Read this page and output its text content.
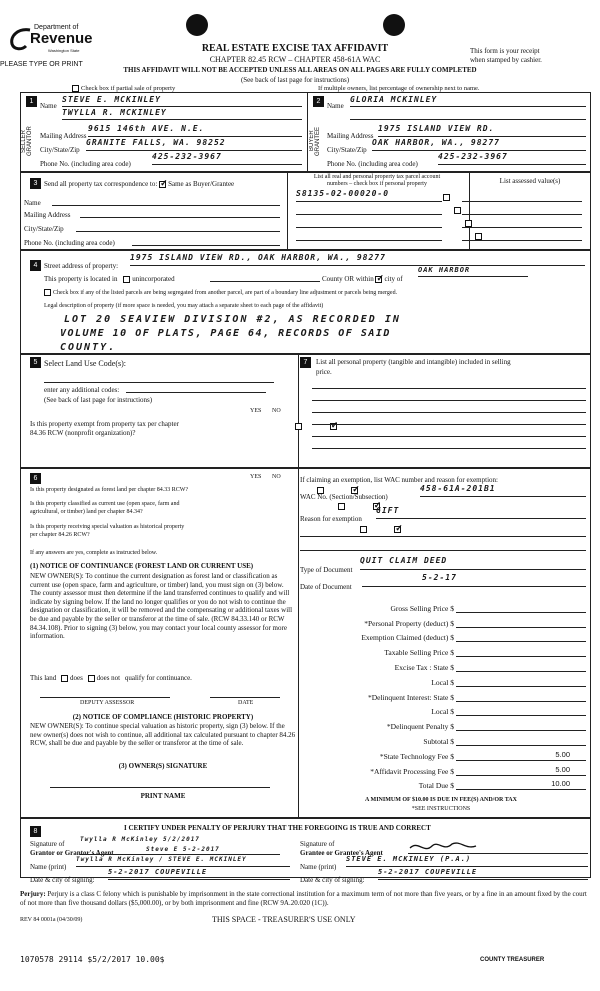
Department of
Revenue
Washington State
PLEASE TYPE OR PRINT
REAL ESTATE EXCISE TAX AFFIDAVIT
CHAPTER 82.45 RCW – CHAPTER 458-61A WAC
THIS AFFIDAVIT WILL NOT BE ACCEPTED UNLESS ALL AREAS ON ALL PAGES ARE FULLY COMPLETED
(See back of last page for instructions)
This form is your receipt
when stamped by cashier.
Check box if partial sale of property	If multiple owners, list percentage of ownership next to name.
1	2
SELLER GRANTOR	BUYER GRANTEE
Name
STEVE E. MCKINLEY
TWYLLA R. MCKINLEY
Mailing Address
9615 146th AVE. N.E.
City/State/Zip
GRANITE FALLS, WA. 98252
Phone No. (including area code)
425-232-3967
Name
GLORIA MCKINLEY
Mailing Address
1975 ISLAND VIEW RD.
City/State/Zip
OAK HARBOR, WA., 98277
Phone No. (including area code)
425-232-3967
3 Send all property tax correspondence to: ✓ Same as Buyer/Grantee
Name
Mailing Address
City/State/Zip
Phone No. (including area code)
List all real and personal property tax parcel account
numbers – check box if personal property	List assessed value(s)
S8135-02-00020-0

4 Street address of property:
1975 ISLAND VIEW RD., OAK HARBOR, WA., 98277
This property is located in unincorporated	County OR within ✓ city of
OAK HARBOR
Check box if any of the listed parcels are being segregated from another parcel, are part of a boundary line adjustment or parcels being merged.
Legal description of property (if more space is needed, you may attach a separate sheet to each page of the affidavit)
LOT 20 SEAVIEW DIVISION #2, AS RECORDED IN
VOLUME 10 OF PLATS, PAGE 64, RECORDS OF SAID
COUNTY.
5	7
Select Land Use Code(s):
enter any additional codes:
(See back of last page for instructions)
YES NO
Is this property exempt from property tax per chapter
84.36 RCW (nonprofit organization)?
✓
List all personal property (tangible and intangible) included in selling
price.
6	YES NO
Is this property designated as forest land per chapter 84.33 RCW?
✓
Is this property classified as current use (open space, farm and
agricultural, or timber) land per chapter 84.34?
✓
Is this property receiving special valuation as historical property
per chapter 84.26 RCW?
✓
If any answers are yes, complete as instructed below.
(1) NOTICE OF CONTINUANCE (FOREST LAND OR CURRENT USE)
NEW OWNER(S): To continue the current designation as forest land or classification as current use (open space, farm and agriculture, or timber) land, you must sign on (3) below. The county assessor must then determine if the land transferred continues to qualify and will indicate by signing below. If the land no longer qualifies or you do not wish to continue the designation or classification, it will be removed and the compensating or additional taxes will be due and payable by the seller or transferor at the time of sale. (RCW 84.33.140 or RCW 84.34.108). Prior to signing (3) below, you may contact your local county assessor for more information.
This land does does not qualify for continuance.
DEPUTY ASSESSOR	DATE
(2) NOTICE OF COMPLIANCE (HISTORIC PROPERTY)
NEW OWNER(S): To continue special valuation as historic property, sign (3) below. If the new owner(s) does not wish to continue, all additional tax calculated pursuant to chapter 84.26 RCW, shall be due and payable by the seller or transferor at the time of sale.
(3) OWNER(S) SIGNATURE
PRINT NAME
If claiming an exemption, list WAC number and reason for exemption:
WAC No. (Section/Subsection)
458-61A-201B1
Reason for exemption
GIFT
Type of Document
QUIT CLAIM DEED
Date of Document
5-2-17
Gross Selling Price $
*Personal Property (deduct) $
Exemption Claimed (deduct) $
Taxable Selling Price $
Excise Tax : State $
Local $
*Delinquent Interest: State $
Local $
*Delinquent Penalty $
Subtotal $
*State Technology Fee $	5.00
*Affidavit Processing Fee $	5.00
Total Due $	10.00
A MINIMUM OF $10.00 IS DUE IN FEE(S) AND/OR TAX
*SEE INSTRUCTIONS
8	I CERTIFY UNDER PENALTY OF PERJURY THAT THE FOREGOING IS TRUE AND CORRECT
Signature of
Grantor or Grantor's Agent
Twylla R McKinley 5/2/2017
Steve E 5-2-2017
Signature of
Grantee or Grantee's Agent
Name (print)
Twylla R McKinley / STEVE E. MCKINLEY
Name (print)
STEVE E. MCKINLEY (P.A.)
Date & city of signing:
5-2-2017 COUPEVILLE
Date & city of signing:
5-2-2017 COUPEVILLE
Perjury: Perjury is a class C felony which is punishable by imprisonment in the state correctional institution for a maximum term of not more than five years, or by a fine in an amount fixed by the court of not more than five thousand dollars ($5,000.00), or by both imprisonment and fine (RCW 9A.20.020 (1C)).
REV 84 0001a (04/30/09)	THIS SPACE - TREASURER'S USE ONLY
1070578 29114 $5/2/2017 10.00$	COUNTY TREASURER
